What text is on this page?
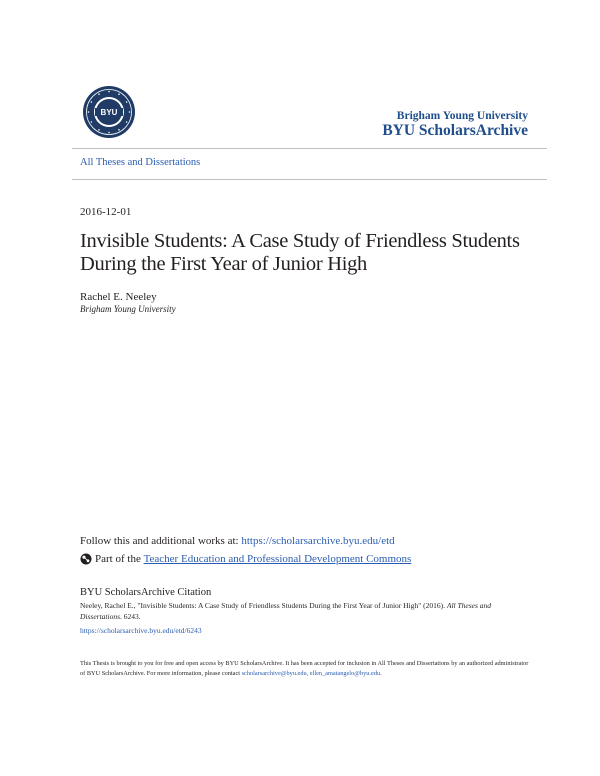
BYU	Brigham Young University
BYU ScholarsArchive
All Theses and Dissertations
2016-12-01
Invisible Students: A Case Study of Friendless Students During the First Year of Junior High
Rachel E. Neeley
Brigham Young University
Follow this and additional works at: https://scholarsarchive.byu.edu/etd
Part of the
Teacher Education and Professional Development Commons
BYU ScholarsArchive Citation
Neeley, Rachel E., "Invisible Students: A Case Study of Friendless Students During the First Year of Junior High" (2016). All Theses and Dissertations. 6243.
https://scholarsarchive.byu.edu/etd/6243
This Thesis is brought to you for free and open access by BYU ScholarsArchive. It has been accepted for inclusion in All Theses and Dissertations by an authorized administrator of BYU ScholarsArchive. For more information, please contact scholarsarchive@byu.edu, ellen_amatangelo@byu.edu.
